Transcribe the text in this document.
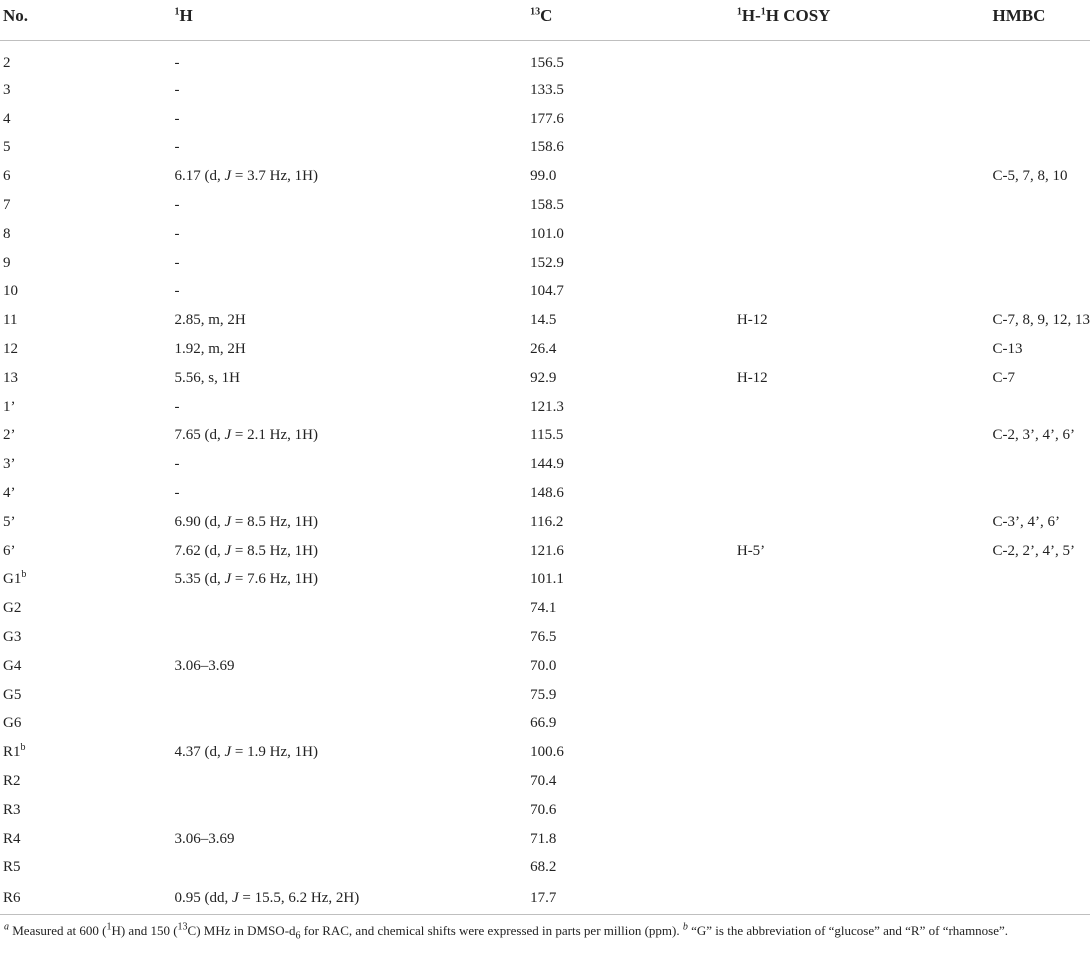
No.	$^1$H	$^{13}$C	$^1$H-$^1$H COSY	HMBC
2	-	156.5		
3	-	133.5		
4	-	177.6		
5	-	158.6		
6	6.17 (d, J = 3.7 Hz, 1H)	99.0		C-5, 7, 8, 10
7	-	158.5		
8	-	101.0		
9	-	152.9		
10	-	104.7		
11	2.85, m, 2H	14.5	H-12	C-7, 8, 9, 12, 13
12	1.92, m, 2H	26.4		C-13
13	5.56, s, 1H	92.9	H-12	C-7
1’	-	121.3		
2’	7.65 (d, J = 2.1 Hz, 1H)	115.5		C-2, 3’, 4’, 6’
3’	-	144.9		
4’	-	148.6		
5’	6.90 (d, J = 8.5 Hz, 1H)	116.2		C-3’, 4’, 6’
6’	7.62 (d, J = 8.5 Hz, 1H)	121.6	H-5’	C-2, 2’, 4’, 5’
G1$^b$	5.35 (d, J = 7.6 Hz, 1H)	101.1		
G2		74.1		
G3		76.5		
G4	3.06–3.69	70.0		
G5		75.9		
G6		66.9		
R1$^b$	4.37 (d, J = 1.9 Hz, 1H)	100.6		
R2		70.4		
R3		70.6		
R4	3.06–3.69	71.8		
R5		68.2		
R6	0.95 (dd, J = 15.5, 6.2 Hz, 2H)	17.7		
$^a$ Measured at 600 ($^1$H) and 150 ($^{13}$C) MHz in DMSO-$d_6$ for RAC, and chemical shifts were expressed in parts per million (ppm). $^b$ “G” is the abbreviation of “glucose” and “R” of “rhamnose”.
